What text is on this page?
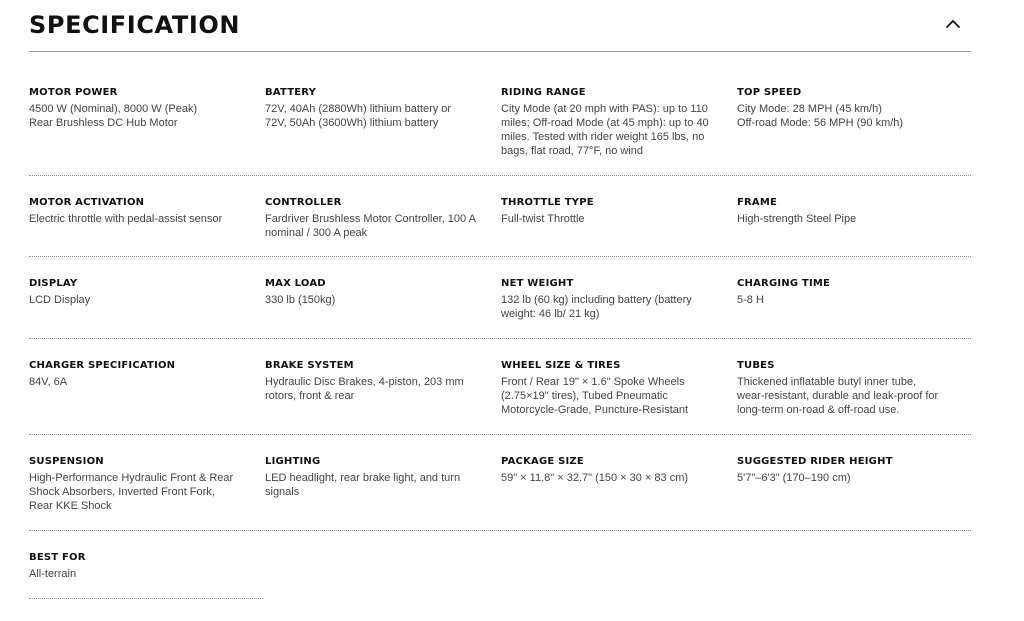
SPECIFICATION
MOTOR POWER
4500 W (Nominal), 8000 W (Peak)
Rear Brushless DC Hub Motor
BATTERY
72V, 40Ah (2880Wh) lithium battery or
72V, 50Ah (3600Wh) lithium battery
RIDING RANGE
City Mode (at 20 mph with PAS): up to 110
miles; Off-road Mode (at 45 mph): up to 40
miles. Tested with rider weight 165 lbs, no
bags, flat road, 77°F, no wind
TOP SPEED
City Mode: 28 MPH (45 km/h)
Off-road Mode: 56 MPH (90 km/h)
MOTOR ACTIVATION
Electric throttle with pedal-assist sensor
CONTROLLER
Fardriver Brushless Motor Controller, 100 A
nominal / 300 A peak
THROTTLE TYPE
Full-twist Throttle
FRAME
High-strength Steel Pipe
DISPLAY
LCD Display
MAX LOAD
330 lb (150kg)
NET WEIGHT
132 lb (60 kg) including battery (battery
weight: 46 lb/ 21 kg)
CHARGING TIME
5-8 H
CHARGER SPECIFICATION
84V, 6A
BRAKE SYSTEM
Hydraulic Disc Brakes, 4-piston, 203 mm
rotors, front & rear
WHEEL SIZE & TIRES
Front / Rear 19" × 1.6" Spoke Wheels
(2.75×19" tires), Tubed Pneumatic
Motorcycle-Grade, Puncture-Resistant
TUBES
Thickened inflatable butyl inner tube,
wear-resistant, durable and leak-proof for
long-term on-road & off-road use.
SUSPENSION
High-Performance Hydraulic Front & Rear
Shock Absorbers, Inverted Front Fork,
Rear KKE Shock
LIGHTING
LED headlight, rear brake light, and turn
signals
PACKAGE SIZE
59" × 11.8" × 32.7" (150 × 30 × 83 cm)
SUGGESTED RIDER HEIGHT
5'7"–6'3" (170–190 cm)
BEST FOR
All-terrain
